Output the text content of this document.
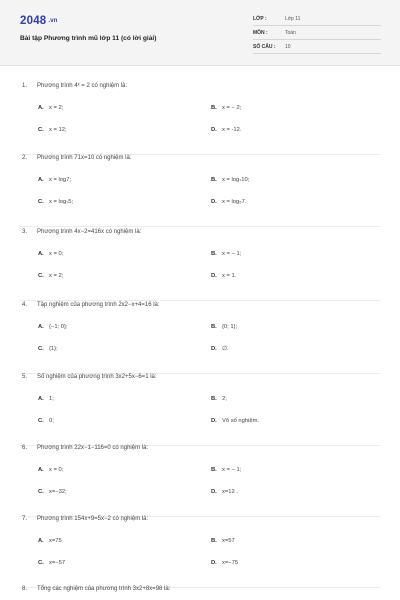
2048 .vn
Bài tập Phương trình mũ lớp 11 (có lời giải)
LỚP :	Lớp 11
MÔN :	Toán
SỐ CÂU : 10
1. Phương trình 4ˣ = 2 có nghiệm là:
A. x = 2;	B. x = − 2;
C. x = 12;	D. x = -12.
2. Phương trình 71x=10 có nghiệm là:
A. x = log7;	B. x = log₇10;
C. x = log₇5;	D. x = log₅7.
3. Phương trình 4x−2=416x có nghiệm là:
A. x = 0;	B. x = − 1;
C. x = 2;	D. x = 1.
4. Tập nghiệm của phương trình 2x2−x+4=16 là:
A. {−1; 0};	B. {0; 1};
C. {1};	D. ∅.
5. Số nghiệm của phương trình 3x2+5x−6=1 là:
A. 1;	B. 2;
C. 0;	D. Vô số nghiệm.
6. Phương trình 22x−1−116=0 có nghiệm là:
A. x = 0;	B. x = − 1;
C. x=−32;	D. x=12 .
7. Phương trình 154x+9=5x−2 có nghiệm là:
A. x=75	B. x=57
C. x=−57	D. x=−75
8. Tổng các nghiệm của phương trình 3x2+8x=98 là:
